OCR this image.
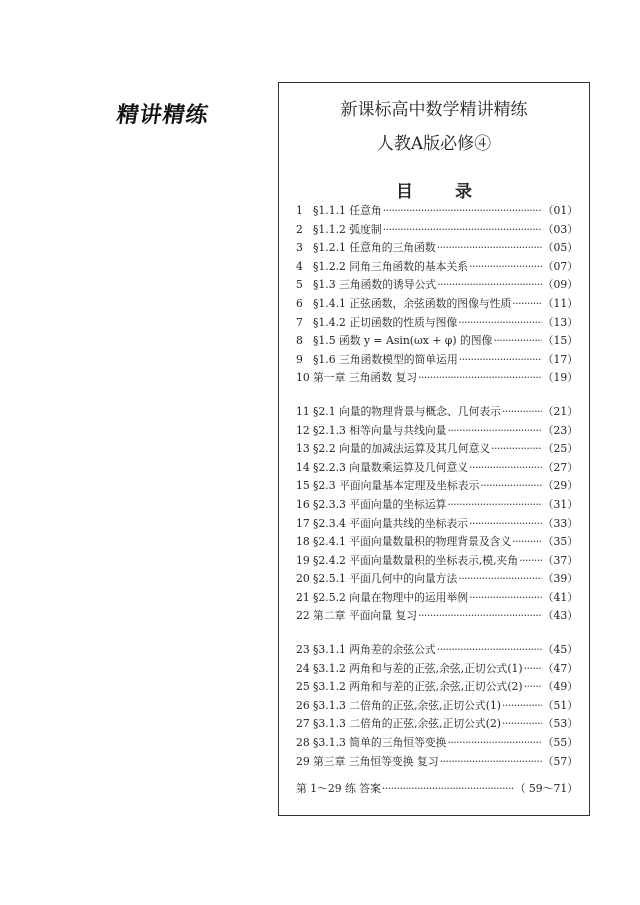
精讲精练	新课标高中数学精讲精练
人教A版必修④
目 录
1 §1.1.1 任意角 ·····	（01）
2 §1.1.2 弧度制 ·····	（03）
3 §1.2.1 任意角的三角函数 ·····	（05）
4 §1.2.2 同角三角函数的基本关系 ·····	（07）
5 §1.3 三角函数的诱导公式 ·····	（09）
6 §1.4.1 正弦函数，余弦函数的图像与性质 ·····	（11）
7 §1.4.2 正切函数的性质与图像 ·····	（13）
8 §1.5 函数 y = Asin(ωx + φ) 的图像 ·····	（15）
9 §1.6 三角函数模型的简单运用 ·····	（17）
10 第一章 三角函数 复习 ·····	（19）
11 §2.1 向量的物理背景与概念、几何表示 ·····	（21）
12 §2.1.3 相等向量与共线向量 ·····	（23）
13 §2.2 向量的加减法运算及其几何意义 ·····	（25）
14 §2.2.3 向量数乘运算及几何意义 ·····	（27）
15 §2.3 平面向量基本定理及坐标表示 ·····	（29）
16 §2.3.3 平面向量的坐标运算 ·····	（31）
17 §2.3.4 平面向量共线的坐标表示 ·····	（33）
18 §2.4.1 平面向量数量积的物理背景及含义 ·····	（35）
19 §2.4.2 平面向量数量积的坐标表示,模,夹角 ····· （37）
20 §2.5.1 平面几何中的向量方法 ·····	（39）
21 §2.5.2 向量在物理中的运用举例 ·····	（41）
22 第二章 平面向量 复习 ·····	（43）
23 §3.1.1 两角差的余弦公式 ·····	（45）
24 §3.1.2 两角和与差的正弦,余弦,正切公式(1) ····· （47）
25 §3.1.2 两角和与差的正弦,余弦,正切公式(2) ····· （49）
26 §3.1.3 二倍角的正弦,余弦,正切公式(1) ·····	（51）
27 §3.1.3 二倍角的正弦,余弦,正切公式(2) ·····	（53）
28 §3.1.3 简单的三角恒等变换 ·····	（55）
29 第三章 三角恒等变换 复习 ·····	（57）
第 1～29 练 答案 ·····	（ 59～71）
